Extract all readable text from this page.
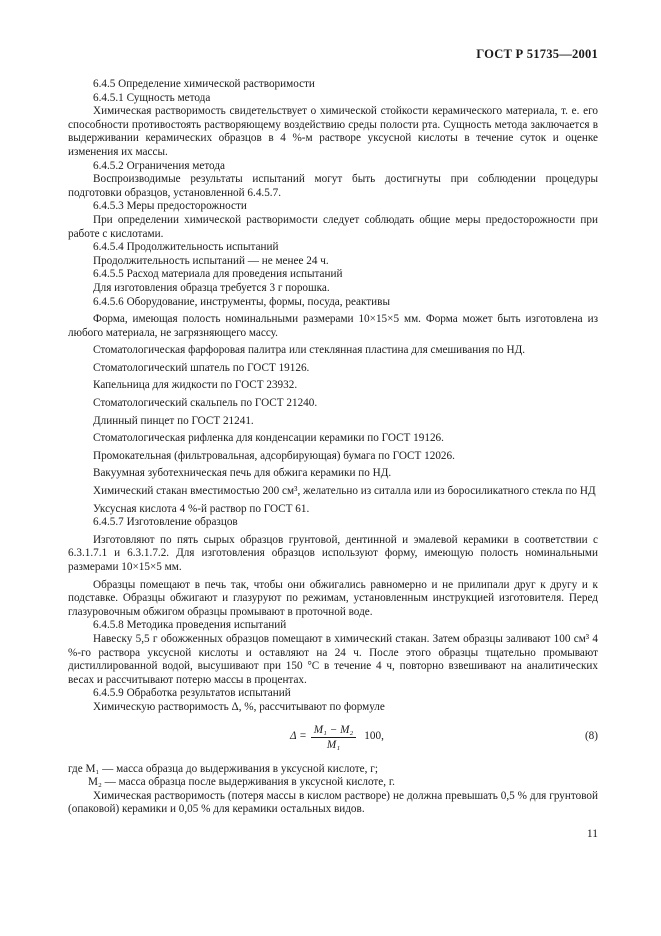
ГОСТ Р 51735—2001
6.4.5 Определение химической растворимости
6.4.5.1 Сущность метода
Химическая растворимость свидетельствует о химической стойкости керамического материала, т. е. его способности противостоять растворяющему воздействию среды полости рта. Сущность метода заключается в выдерживании керамических образцов в 4 %-м растворе уксусной кислоты в течение суток и оценке изменения их массы.
6.4.5.2 Ограничения метода
Воспроизводимые результаты испытаний могут быть достигнуты при соблюдении процедуры подготовки образцов, установленной 6.4.5.7.
6.4.5.3 Меры предосторожности
При определении химической растворимости следует соблюдать общие меры предосторожности при работе с кислотами.
6.4.5.4 Продолжительность испытаний
Продолжительность испытаний — не менее 24 ч.
6.4.5.5 Расход материала для проведения испытаний
Для изготовления образца требуется 3 г порошка.
6.4.5.6 Оборудование, инструменты, формы, посуда, реактивы
Форма, имеющая полость номинальными размерами 10×15×5 мм. Форма может быть изготовлена из любого материала, не загрязняющего массу.
Стоматологическая фарфоровая палитра или стеклянная пластина для смешивания по НД.
Стоматологический шпатель по ГОСТ 19126.
Капельница для жидкости по ГОСТ 23932.
Стоматологический скальпель по ГОСТ 21240.
Длинный пинцет по ГОСТ 21241.
Стоматологическая рифленка для конденсации керамики по ГОСТ 19126.
Промокательная (фильтровальная, адсорбирующая) бумага по ГОСТ 12026.
Вакуумная зуботехническая печь для обжига керамики по НД.
Химический стакан вместимостью 200 см³, желательно из ситалла или из боросиликатного стекла по НД
Уксусная кислота 4 %-й раствор по ГОСТ 61.
6.4.5.7 Изготовление образцов
Изготовляют по пять сырых образцов грунтовой, дентинной и эмалевой керамики в соответствии с 6.3.1.7.1 и 6.3.1.7.2. Для изготовления образцов используют форму, имеющую полость номинальными размерами 10×15×5 мм.
Образцы помещают в печь так, чтобы они обжигались равномерно и не прилипали друг к другу и к подставке. Образцы обжигают и глазуруют по режимам, установленным инструкцией изготовителя. Перед глазуровочным обжигом образцы промывают в проточной воде.
6.4.5.8 Методика проведения испытаний
Навеску 5,5 г обожженных образцов помещают в химический стакан. Затем образцы заливают 100 см³ 4 %-го раствора уксусной кислоты и оставляют на 24 ч. После этого образцы тщательно промывают дистиллированной водой, высушивают при 150 °С в течение 4 ч, повторно взвешивают на аналитических весах и рассчитывают потерю массы в процентах.
6.4.5.9 Обработка результатов испытаний
Химическую растворимость Δ, %, рассчитывают по формуле
$\Delta = \frac{\text{M₁ − M₂}}{\text{M₁}} 100$,	(8)
где M₁ — масса образца до выдерживания в уксусной кислоте, г;
M₂ — масса образца после выдерживания в уксусной кислоте, г.
Химическая растворимость (потеря массы в кислом растворе) не должна превышать 0,5 % для грунтовой (опаковой) керамики и 0,05 % для керамики остальных видов.
11
